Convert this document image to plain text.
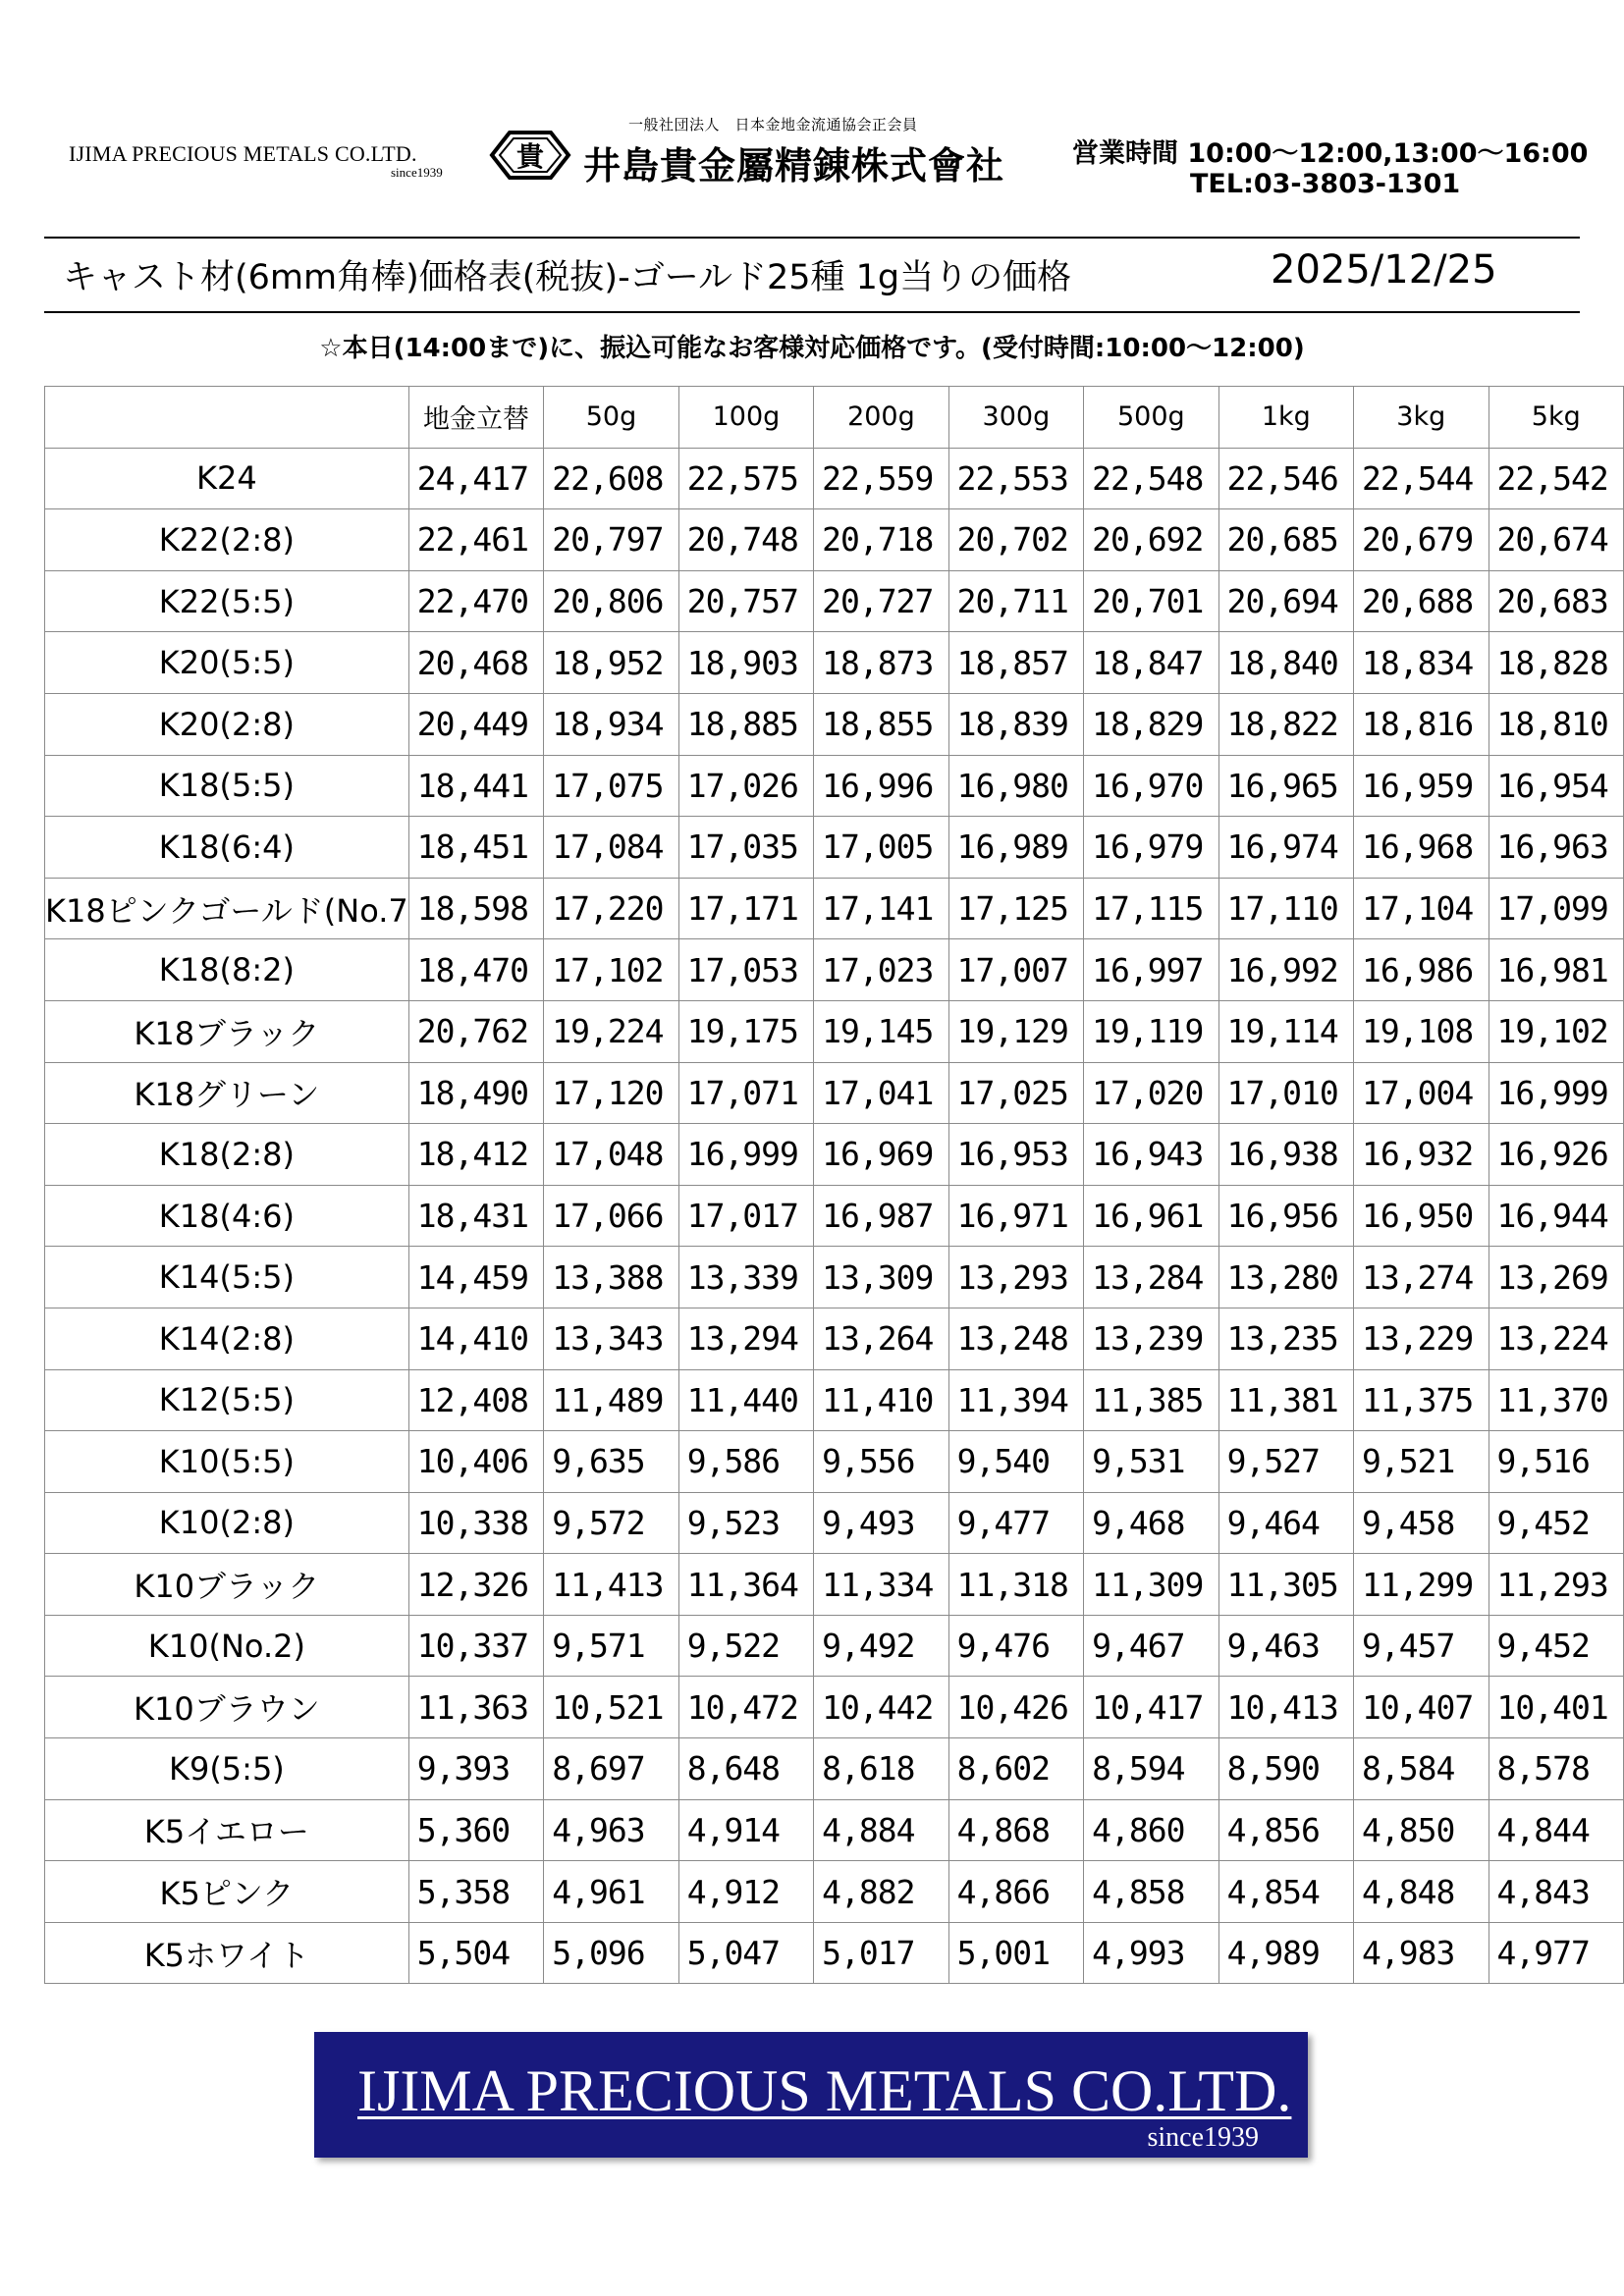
IJIMA PRECIOUS METALS CO.LTD.
since1939	貴
一般社団法人　日本金地金流通協会正会員
井島貴金屬精錬株式會社	営業時間 10:00～12:00,13:00～16:00
TEL:03-3803-1301
キャスト材(6mm角棒)価格表(税抜)-ゴールド25種 1g当りの価格	2025/12/25
☆本日(14:00まで)に、振込可能なお客様対応価格です。(受付時間:10:00～12:00)
	地金立替	50g	100g	200g	300g	500g	1kg	3kg	5kg
K24	24,417	22,608	22,575	22,559	22,553	22,548	22,546	22,544	22,542
K22(2:8)	22,461	20,797	20,748	20,718	20,702	20,692	20,685	20,679	20,674
K22(5:5)	22,470	20,806	20,757	20,727	20,711	20,701	20,694	20,688	20,683
K20(5:5)	20,468	18,952	18,903	18,873	18,857	18,847	18,840	18,834	18,828
K20(2:8)	20,449	18,934	18,885	18,855	18,839	18,829	18,822	18,816	18,810
K18(5:5)	18,441	17,075	17,026	16,996	16,980	16,970	16,965	16,959	16,954
K18(6:4)	18,451	17,084	17,035	17,005	16,989	16,979	16,974	16,968	16,963
K18ピンクゴールド(No.7	18,598	17,220	17,171	17,141	17,125	17,115	17,110	17,104	17,099
K18(8:2)	18,470	17,102	17,053	17,023	17,007	16,997	16,992	16,986	16,981
K18ブラック	20,762	19,224	19,175	19,145	19,129	19,119	19,114	19,108	19,102
K18グリーン	18,490	17,120	17,071	17,041	17,025	17,020	17,010	17,004	16,999
K18(2:8)	18,412	17,048	16,999	16,969	16,953	16,943	16,938	16,932	16,926
K18(4:6)	18,431	17,066	17,017	16,987	16,971	16,961	16,956	16,950	16,944
K14(5:5)	14,459	13,388	13,339	13,309	13,293	13,284	13,280	13,274	13,269
K14(2:8)	14,410	13,343	13,294	13,264	13,248	13,239	13,235	13,229	13,224
K12(5:5)	12,408	11,489	11,440	11,410	11,394	11,385	11,381	11,375	11,370
K10(5:5)	10,406	9,635	9,586	9,556	9,540	9,531	9,527	9,521	9,516
K10(2:8)	10,338	9,572	9,523	9,493	9,477	9,468	9,464	9,458	9,452
K10ブラック	12,326	11,413	11,364	11,334	11,318	11,309	11,305	11,299	11,293
K10(No.2)	10,337	9,571	9,522	9,492	9,476	9,467	9,463	9,457	9,452
K10ブラウン	11,363	10,521	10,472	10,442	10,426	10,417	10,413	10,407	10,401
K9(5:5)	9,393	8,697	8,648	8,618	8,602	8,594	8,590	8,584	8,578
K5イエロー	5,360	4,963	4,914	4,884	4,868	4,860	4,856	4,850	4,844
K5ピンク	5,358	4,961	4,912	4,882	4,866	4,858	4,854	4,848	4,843
K5ホワイト	5,504	5,096	5,047	5,017	5,001	4,993	4,989	4,983	4,977
IJIMA PRECIOUS METALS CO.LTD.
since1939
